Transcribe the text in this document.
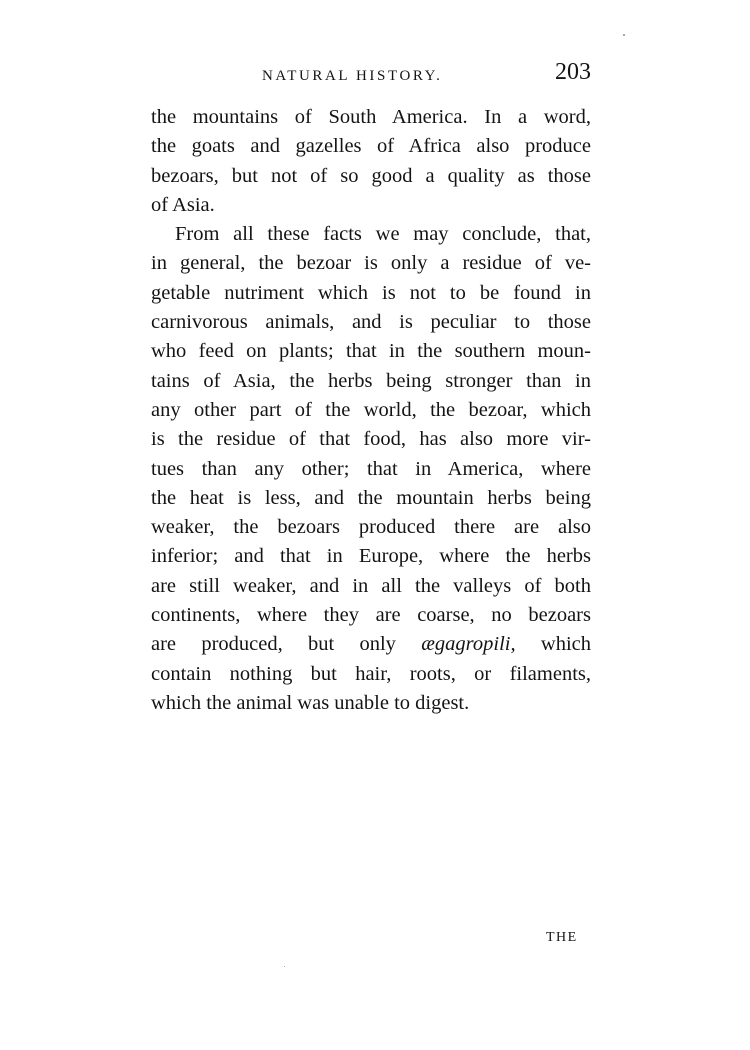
NATURAL HISTORY.	203
the mountains of South America. In a word,
the goats and gazelles of Africa also produce
bezoars, but not of so good a quality as those
of Asia.
From all these facts we may conclude, that,
in general, the bezoar is only a residue of ve-
getable nutriment which is not to be found in
carnivorous animals, and is peculiar to those
who feed on plants; that in the southern moun-
tains of Asia, the herbs being stronger than in
any other part of the world, the bezoar, which
is the residue of that food, has also more vir-
tues than any other; that in America, where
the heat is less, and the mountain herbs being
weaker, the bezoars produced there are also
inferior; and that in Europe, where the herbs
are still weaker, and in all the valleys of both
continents, where they are coarse, no bezoars
are produced, but only ægagropili, which
contain nothing but hair, roots, or filaments,
which the animal was unable to digest.
THE
